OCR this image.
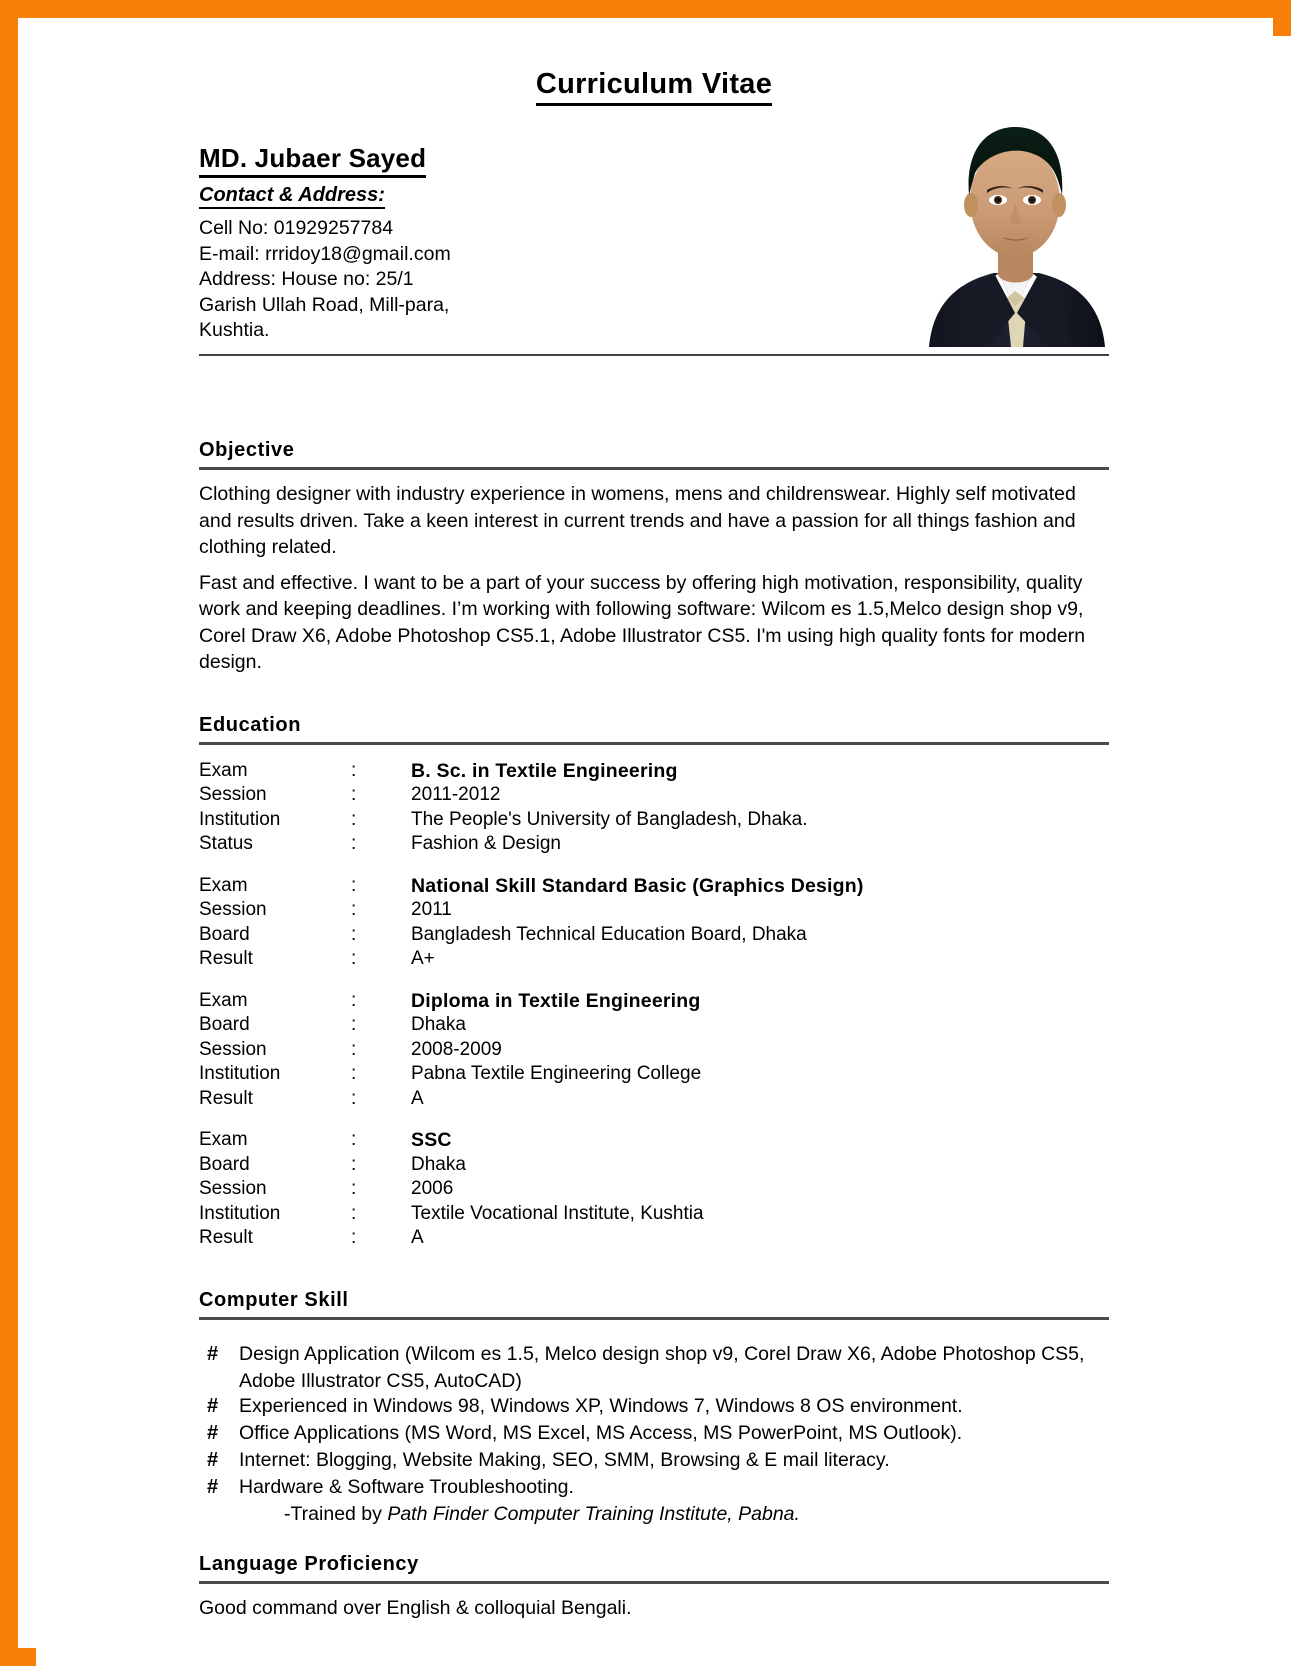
Curriculum Vitae
MD. Jubaer Sayed
Contact & Address:
Cell No: 01929257784
E-mail: rrridoy18@gmail.com
Address: House no: 25/1
Garish Ullah Road, Mill-para,
Kushtia.
Objective
Clothing designer with industry experience in womens, mens and childrenswear. Highly self motivated and results driven. Take a keen interest in current trends and have a passion for all things fashion and clothing related.
Fast and effective. I want to be a part of your success by offering high motivation, responsibility, quality work and keeping deadlines. I’m working with following software: Wilcom es 1.5,Melco design shop v9, Corel Draw X6, Adobe Photoshop CS5.1, Adobe Illustrator CS5. I'm using high quality fonts for modern design.
Education
Exam	:	B. Sc. in Textile Engineering
Session	:	2011-2012
Institution	:	The People's University of Bangladesh, Dhaka.
Status	:	Fashion & Design
Exam	:	National Skill Standard Basic (Graphics Design)
Session	:	2011
Board	:	Bangladesh Technical Education Board, Dhaka
Result	:	A+
Exam	:	Diploma in Textile Engineering
Board	:	Dhaka
Session	:	2008-2009
Institution	:	Pabna Textile Engineering College
Result	:	A
Exam	:	SSC
Board	:	Dhaka
Session	:	2006
Institution	:	Textile Vocational Institute, Kushtia
Result	:	A
Computer Skill
#	Design Application (Wilcom es 1.5, Melco design shop v9, Corel Draw X6, Adobe Photoshop CS5,
Adobe Illustrator CS5, AutoCAD)
#	Experienced in Windows 98, Windows XP, Windows 7, Windows 8 OS environment.
#	Office Applications (MS Word, MS Excel, MS Access, MS PowerPoint, MS Outlook).
#	Internet: Blogging, Website Making, SEO, SMM, Browsing & E mail literacy.
#	Hardware & Software Troubleshooting.
-Trained by Path Finder Computer Training Institute, Pabna.
Language Proficiency
Good command over English & colloquial Bengali.
